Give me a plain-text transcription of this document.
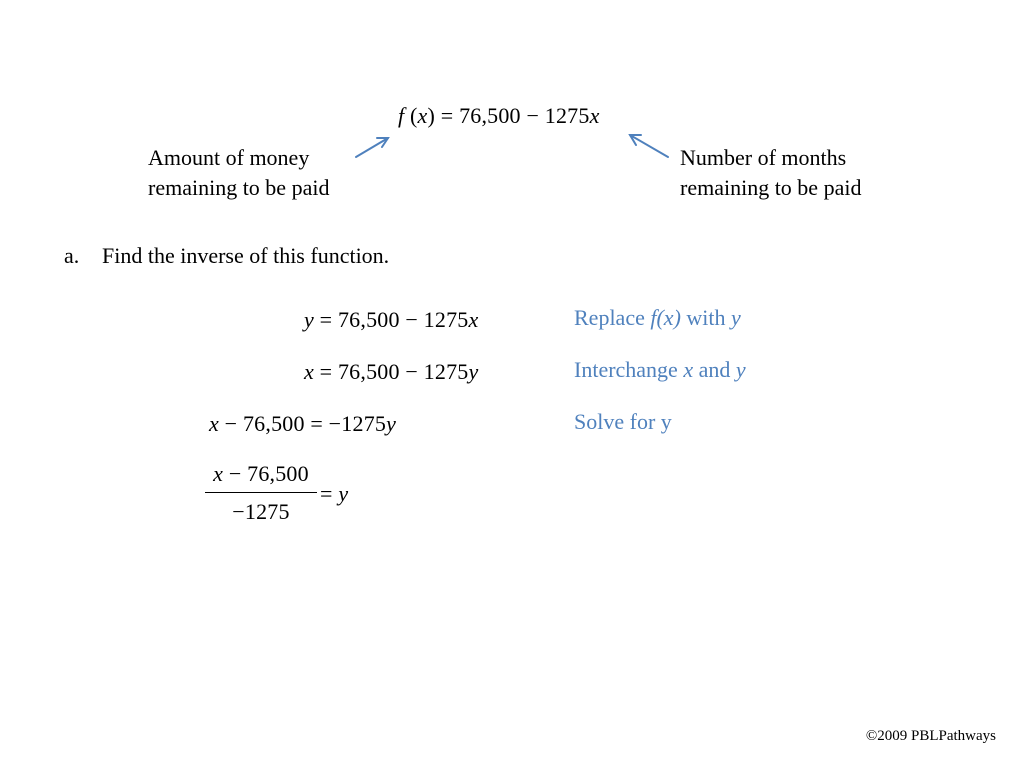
f (x) = 76,500 − 1275x
Amount of money
remaining to be paid
Number of months
remaining to be paid
a. Find the inverse of this function.
y = 76,500 − 1275x
x = 76,500 − 1275y
x − 76,500 = −1275y
x − 76,500
−1275
= y
Replace f(x) with y
Interchange x and y
Solve for y
©2009 PBLPathways
